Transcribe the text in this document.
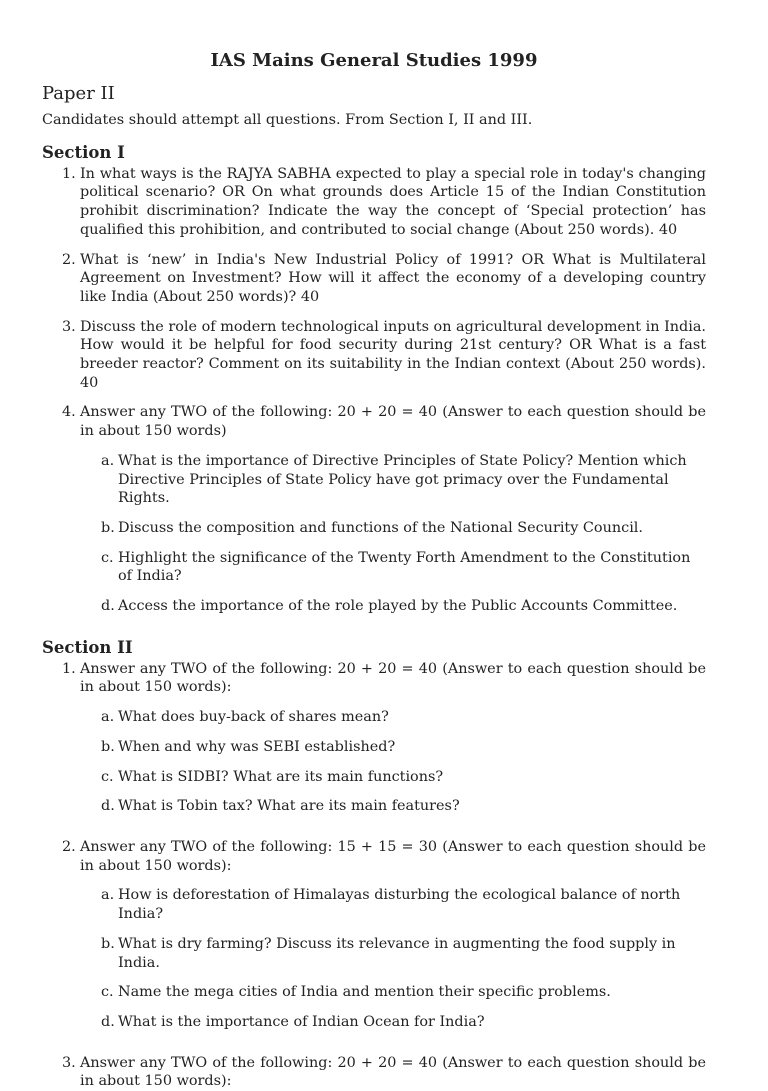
IAS Mains General Studies 1999
Paper II

Candidates should attempt all questions. From Section I, II and III.

Section I
1. In what ways is the RAJYA SABHA expected to play a special role in today's changing political scenario? OR On what grounds does Article 15 of the Indian Constitution prohibit discrimination? Indicate the way the concept of ‘Special protection’ has qualified this prohibition, and contributed to social change (About 250 words). 40
2. What is ‘new’ in India's New Industrial Policy of 1991? OR What is Multilateral Agreement on Investment? How will it affect the economy of a developing country like India (About 250 words)? 40
3. Discuss the role of modern technological inputs on agricultural development in India. How would it be helpful for food security during 21st century? OR What is a fast breeder reactor? Comment on its suitability in the Indian context (About 250 words). 40
4. Answer any TWO of the following: 20 + 20 = 40 (Answer to each question should be in about 150 words)
a. What is the importance of Directive Principles of State Policy? Mention which Directive Principles of State Policy have got primacy over the Fundamental Rights.
b. Discuss the composition and functions of the National Security Council.
c. Highlight the significance of the Twenty Forth Amendment to the Constitution of India?
d. Access the importance of the role played by the Public Accounts Committee.
Section II
1. Answer any TWO of the following: 20 + 20 = 40 (Answer to each question should be in about 150 words):
a. What does buy-back of shares mean?
b. When and why was SEBI established?
c. What is SIDBI? What are its main functions?
d. What is Tobin tax? What are its main features?
2. Answer any TWO of the following: 15 + 15 = 30 (Answer to each question should be in about 150 words):
a. How is deforestation of Himalayas disturbing the ecological balance of north India?
b. What is dry farming? Discuss its relevance in augmenting the food supply in India.
c. Name the mega cities of India and mention their specific problems.
d. What is the importance of Indian Ocean for India?
3. Answer any TWO of the following: 20 + 20 = 40 (Answer to each question should be in about 150 words):
